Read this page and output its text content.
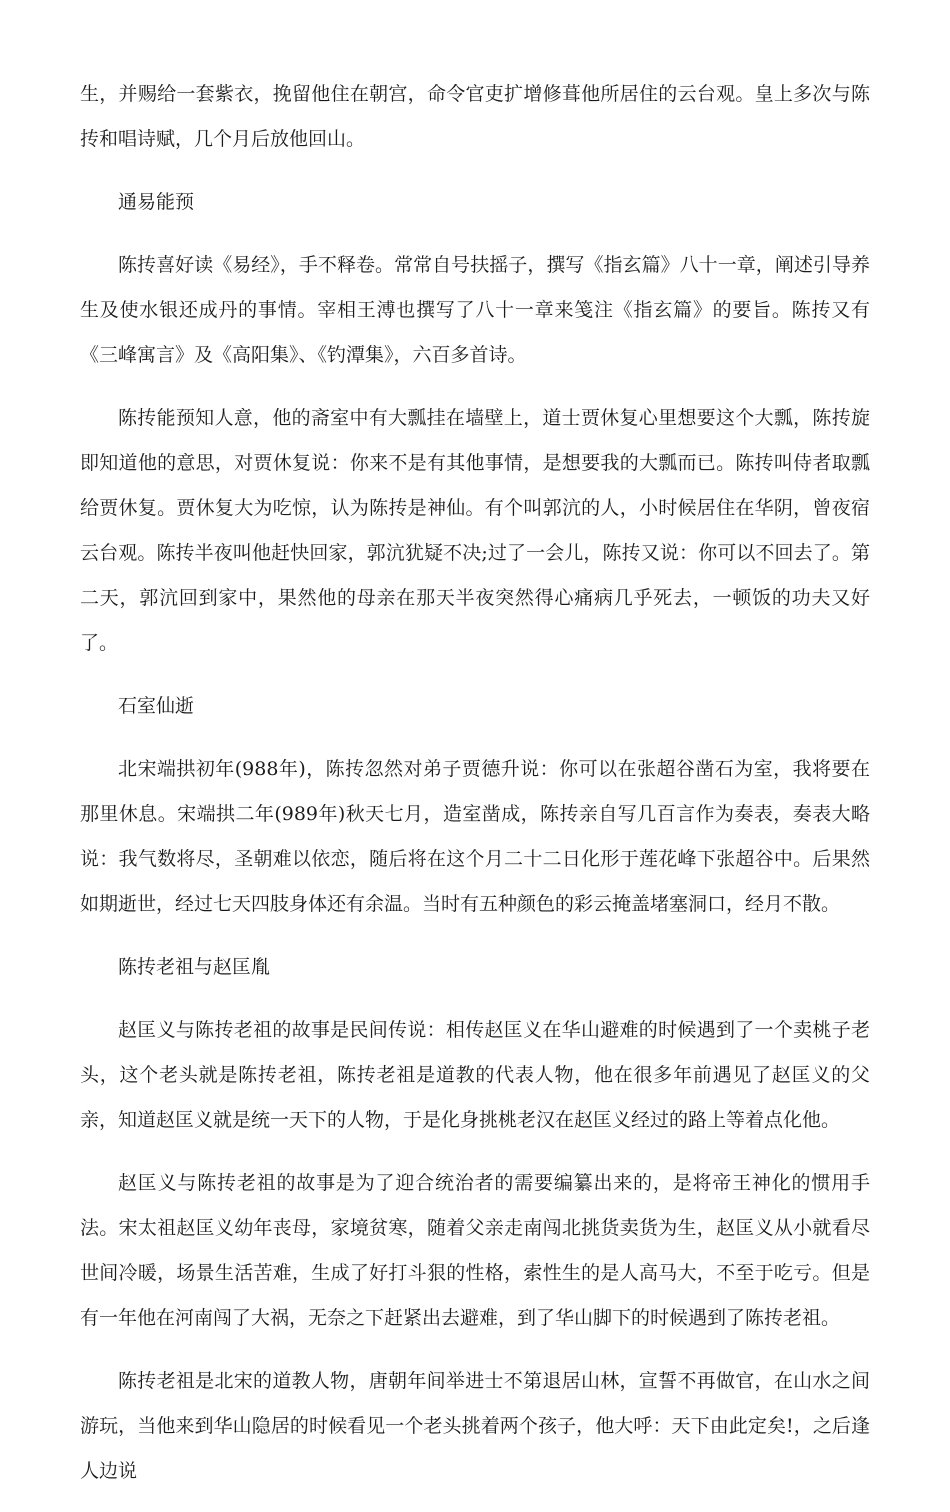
生，并赐给一套紫衣，挽留他住在朝宫，命令官吏扩增修葺他所居住的云台观。皇上多次与陈抟和唱诗赋，几个月后放他回山。

通易能预

陈抟喜好读《易经》，手不释卷。常常自号扶摇子，撰写《指玄篇》八十一章，阐述引导养生及使水银还成丹的事情。宰相王溥也撰写了八十一章来笺注《指玄篇》的要旨。陈抟又有《三峰寓言》及《高阳集》、《钓潭集》，六百多首诗。

陈抟能预知人意，他的斋室中有大瓢挂在墙壁上，道士贾休复心里想要这个大瓢，陈抟旋即知道他的意思，对贾休复说：你来不是有其他事情，是想要我的大瓢而已。陈抟叫侍者取瓢给贾休复。贾休复大为吃惊，认为陈抟是神仙。有个叫郭沆的人，小时候居住在华阴，曾夜宿云台观。陈抟半夜叫他赶快回家，郭沆犹疑不决;过了一会儿，陈抟又说：你可以不回去了。第二天，郭沆回到家中，果然他的母亲在那天半夜突然得心痛病几乎死去，一顿饭的功夫又好了。

石室仙逝

北宋端拱初年(988年)，陈抟忽然对弟子贾德升说：你可以在张超谷凿石为室，我将要在那里休息。宋端拱二年(989年)秋天七月，造室凿成，陈抟亲自写几百言作为奏表，奏表大略说：我气数将尽，圣朝难以依恋，随后将在这个月二十二日化形于莲花峰下张超谷中。后果然如期逝世，经过七天四肢身体还有余温。当时有五种颜色的彩云掩盖堵塞洞口，经月不散。

陈抟老祖与赵匡胤

赵匡义与陈抟老祖的故事是民间传说：相传赵匡义在华山避难的时候遇到了一个卖桃子老头，这个老头就是陈抟老祖，陈抟老祖是道教的代表人物，他在很多年前遇见了赵匡义的父亲，知道赵匡义就是统一天下的人物，于是化身挑桃老汉在赵匡义经过的路上等着点化他。

赵匡义与陈抟老祖的故事是为了迎合统治者的需要编纂出来的，是将帝王神化的惯用手法。宋太祖赵匡义幼年丧母，家境贫寒，随着父亲走南闯北挑货卖货为生，赵匡义从小就看尽世间冷暖，场景生活苦难，生成了好打斗狠的性格，索性生的是人高马大，不至于吃亏。但是有一年他在河南闯了大祸，无奈之下赶紧出去避难，到了华山脚下的时候遇到了陈抟老祖。

陈抟老祖是北宋的道教人物，唐朝年间举进士不第退居山林，宣誓不再做官，在山水之间游玩，当他来到华山隐居的时候看见一个老头挑着两个孩子，他大呼：天下由此定矣!，之后逢人边说
